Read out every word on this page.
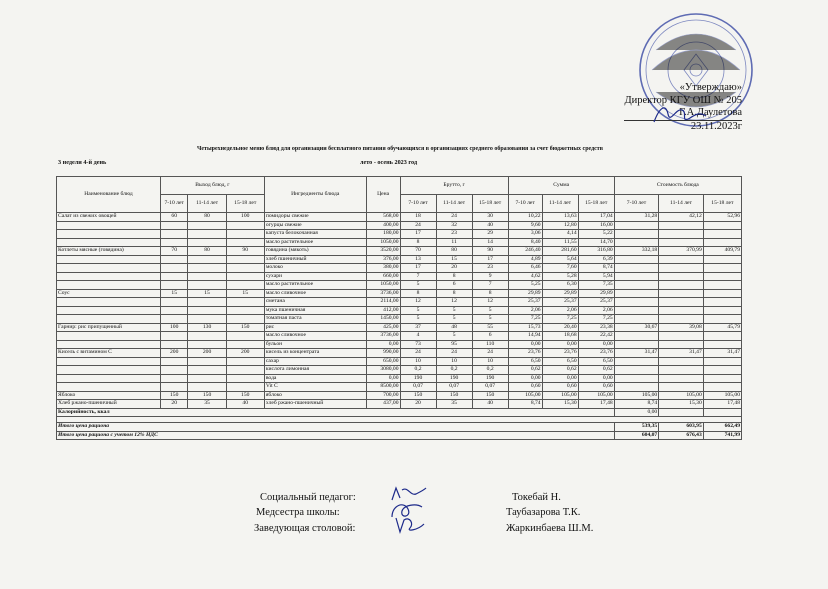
«Утверждаю»
Директор КГУ ОШ № 205
Г.А.Даулетова
23.11.2023г
Четырехнедельное меню блюд для организации бесплатного питания обучающихся в организациях среднего образования за счет бюджетных средств
3 недели 4-й день	лето - осень 2023 год
Наименование блюд	Выход блюд, г			Ингредиенты блюда	Цена	Брутто, г			Сумма			Стоимость блюда		
	7-10 лет	11-14 лет	15-18 лет			7-10 лет	11-14 лет	15-18 лет	7-10 лет	11-14 лет	15-18 лет	7-10 лет	11-14 лет	15-18 лет
Салат из свежих овощей	60	80	100	помидоры свежие	568,00	18	24	30	10,22	13,63	17,04	31,28	42,12	52,96
				огурцы свежие	400,00	24	32	40	9,60	12,80	16,00			
				капуста белокочанная	180,00	17	23	29	3,06	4,14	5,22			
				масло растительное	1050,00	8	11	14	8,40	11,55	14,70			
Котлеты мясные (говядина)	70	80	90	говядина (мякоть)	3520,00	70	80	90	246,40	281,60	316,80	332,18	370,99	409,79
				хлеб пшеничный	376,00	13	15	17	4,89	5,64	6,39			
				молоко	380,00	17	20	23	6,46	7,60	8,74			
				сухари	660,00	7	8	9	4,62	5,28	5,94			
				масло растительное	1050,00	5	6	7	5,25	6,30	7,35			
Соус	15	15	15	масло сливочное	3736,00	8	8	8	29,89	29,89	29,89			
				сметана	2114,00	12	12	12	25,37	25,37	25,37			
				мука пшеничная	412,00	5	5	5	2,06	2,06	2,06			
				томатная паста	1450,00	5	5	5	7,25	7,25	7,25			
Гарнир: рис припущенный	100	130	150	рис	425,00	37	48	55	15,73	20,40	23,38	30,67	39,08	45,79
				масло сливочное	3736,00	4	5	6	14,94	18,68	22,42			
				бульон	0,00	73	95	110	0,00	0,00	0,00			
Кисель с витамином С	200	200	200	кисель из концентрата	990,00	24	24	24	23,76	23,76	23,76	31,47	31,47	31,47
				сахар	650,00	10	10	10	6,50	6,50	6,50			
				кислота лимонная	3080,00	0,2	0,2	0,2	0,62	0,62	0,62			
				вода	0,00	190	190	190	0,00	0,00	0,00			
				Vit C	8500,00	0,07	0,07	0,07	0,60	0,60	0,60			
Яблоко	150	150	150	яблоко	700,00	150	150	150	105,00	105,00	105,00	105,00	105,00	105,00
Хлеб ржано-пшеничный	20	35	40	хлеб ржано-пшеничный	437,00	20	35	40	8,74	15,30	17,48	8,74	15,30	17,48
Калорийность, ккал												0,00		

Итого цена рациона												539,35	603,95	662,49
Итого цена рациона с учетом 12% НДС												604,07	676,43	741,99
Социальный педагог:	Токебай Н.
Медсестра школы:	Таубазарова Т.К.
Заведующая столовой:	Жаркинбаева Ш.М.
